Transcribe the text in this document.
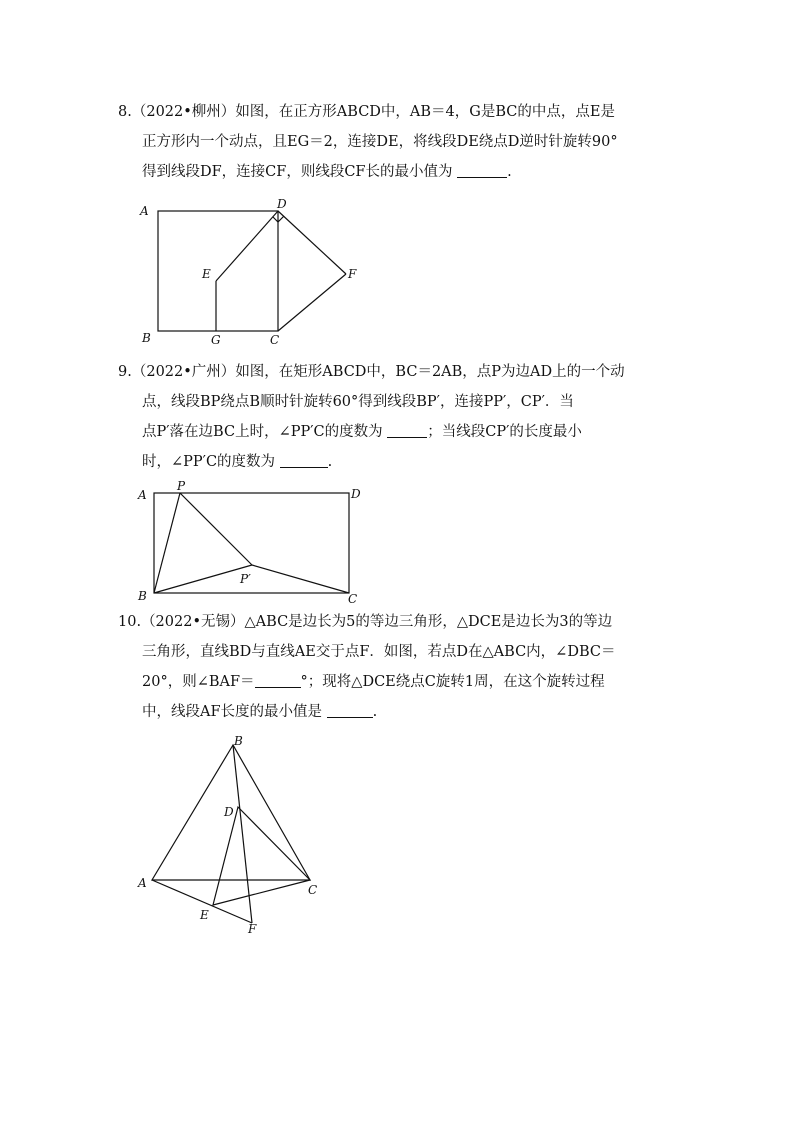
8.（2022•柳州）如图，在正方形ABCD中，AB＝4，G是BC的中点，点E是
正方形内一个动点，且EG＝2，连接DE，将线段DE绕点D逆时针旋转90°
得到线段DF，连接CF，则线段CF长的最小值为	.
A
B	C
D
E	F
G
9.（2022•广州）如图，在矩形ABCD中，BC＝2AB，点P为边AD上的一个动
点，线段BP绕点B顺时针旋转60°得到线段BP′，连接PP′，CP′．当
点P′落在边BC上时，∠PP′C的度数为	；当线段CP′的长度最小
时，∠PP′C的度数为	.
A
B	C
D
P
P′
10.（2022•无锡）△ABC是边长为5的等边三角形，△DCE是边长为3的等边
三角形，直线BD与直线AE交于点F．如图，若点D在△ABC内，∠DBC＝
20°，则∠BAF＝	°；现将△DCE绕点C旋转1周，在这个旋转过程
中，线段AF长度的最小值是	.
B
A	C
D
E
F
